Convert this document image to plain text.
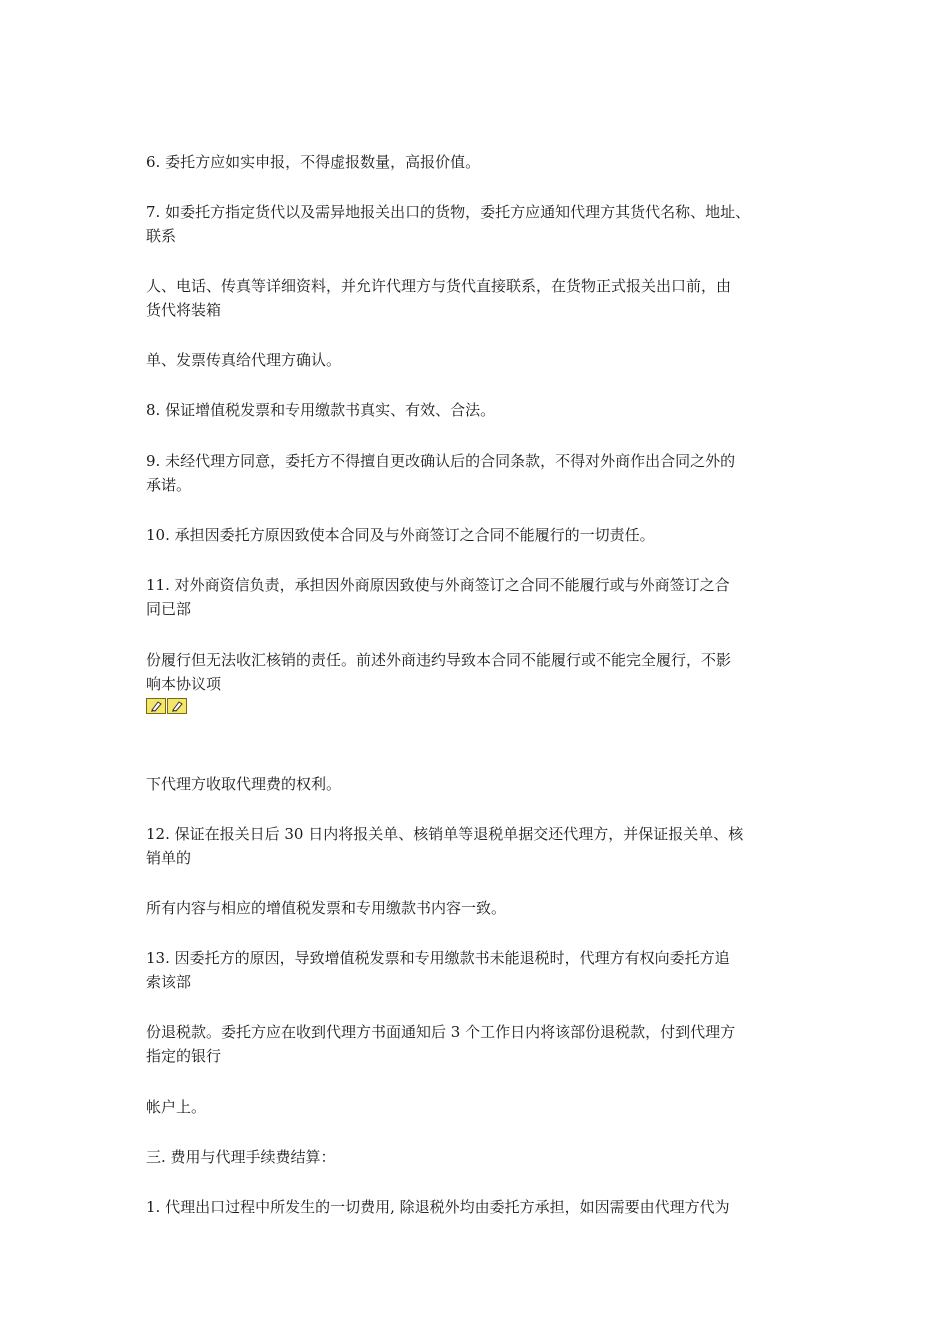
6. 委托方应如实申报，不得虚报数量，高报价值。
7. 如委托方指定货代以及需异地报关出口的货物，委托方应通知代理方其货代名称、地址、
联系
人、电话、传真等详细资料，并允许代理方与货代直接联系，在货物正式报关出口前，由
货代将装箱
单、发票传真给代理方确认。
8. 保证增值税发票和专用缴款书真实、有效、合法。
9. 未经代理方同意，委托方不得擅自更改确认后的合同条款，不得对外商作出合同之外的
承诺。
10. 承担因委托方原因致使本合同及与外商签订之合同不能履行的一切责任。
11. 对外商资信负责，承担因外商原因致使与外商签订之合同不能履行或与外商签订之合
同已部
份履行但无法收汇核销的责任。前述外商违约导致本合同不能履行或不能完全履行，不影
响本协议项
下代理方收取代理费的权利。
12. 保证在报关日后 30 日内将报关单、核销单等退税单据交还代理方，并保证报关单、核
销单的
所有内容与相应的增值税发票和专用缴款书内容一致。
13. 因委托方的原因，导致增值税发票和专用缴款书未能退税时，代理方有权向委托方追
索该部
份退税款。委托方应在收到代理方书面通知后 3 个工作日内将该部份退税款，付到代理方
指定的银行
帐户上。
三. 费用与代理手续费结算：
1. 代理出口过程中所发生的一切费用, 除退税外均由委托方承担，如因需要由代理方代为
